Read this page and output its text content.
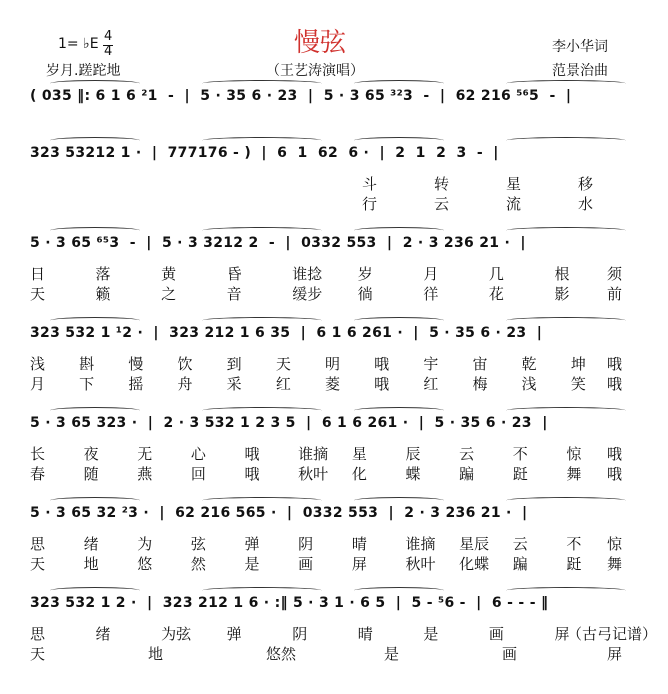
慢弦
1= ♭E 4
4
岁月.蹉跎地	（王艺涛演唱）
李小华词
范景治曲
( 035 ‖: 6 1 6 ²1  -  |  5 · 35 6 · 23  |  5 · 3 65 ³²3  -  |  62 216 ⁵⁶5  -  |
323 53212 1 ·  |  777176 - )  |  6  1  62  6 ·  |  2  1  2  3  -  |
斗	转	星	移
行	云	流	水
5 · 3 65 ⁶⁵3  -  |  5 · 3 3212 2  -  |  0332 553  |  2 · 3 236 21 ·  |
日	落	黄	昏	谁捻 岁	月	几	根	须
天	籁	之	音	缓步 徜	徉	花	影	前
323 532 1 ¹2 ·  |  323 212 1 6 35  |  6 1 6 261 ·  |  5 · 35 6 · 23  |
浅 斟 慢 饮 到 天 明 哦 宇 宙 乾 坤 哦
月 下 摇 舟 采 红 菱 哦 红 梅 浅 笑 哦
5 · 3 65 323 ·  |  2 · 3 532 1 2 3 5  |  6 1 6 261 ·  |  5 · 35 6 · 23  |
长	夜	无	心	哦	谁摘 星	辰	云	不	惊 哦
春	随	燕	回	哦	秋叶 化	蝶	蹁	跹	舞 哦
5 · 3 65 32 ²3 ·  |  62 216 565 ·  |  0332 553  |  2 · 3 236 21 ·  |
思	绪	为	弦	弹	阴	晴	谁摘 星辰 云	不 惊
天	地	悠	然	是	画	屏	秋叶 化蝶 蹁	跹 舞
323 532 1 2 ·  |  323 212 1 6 · :‖ 5 · 3 1 · 6 5  |  5 - ⁵6 -  |  6 - - - ‖
思	绪	为弦 弹	阴	晴	是	画	屏
（古弓记谱）
天	地	悠然	是	画	屏
